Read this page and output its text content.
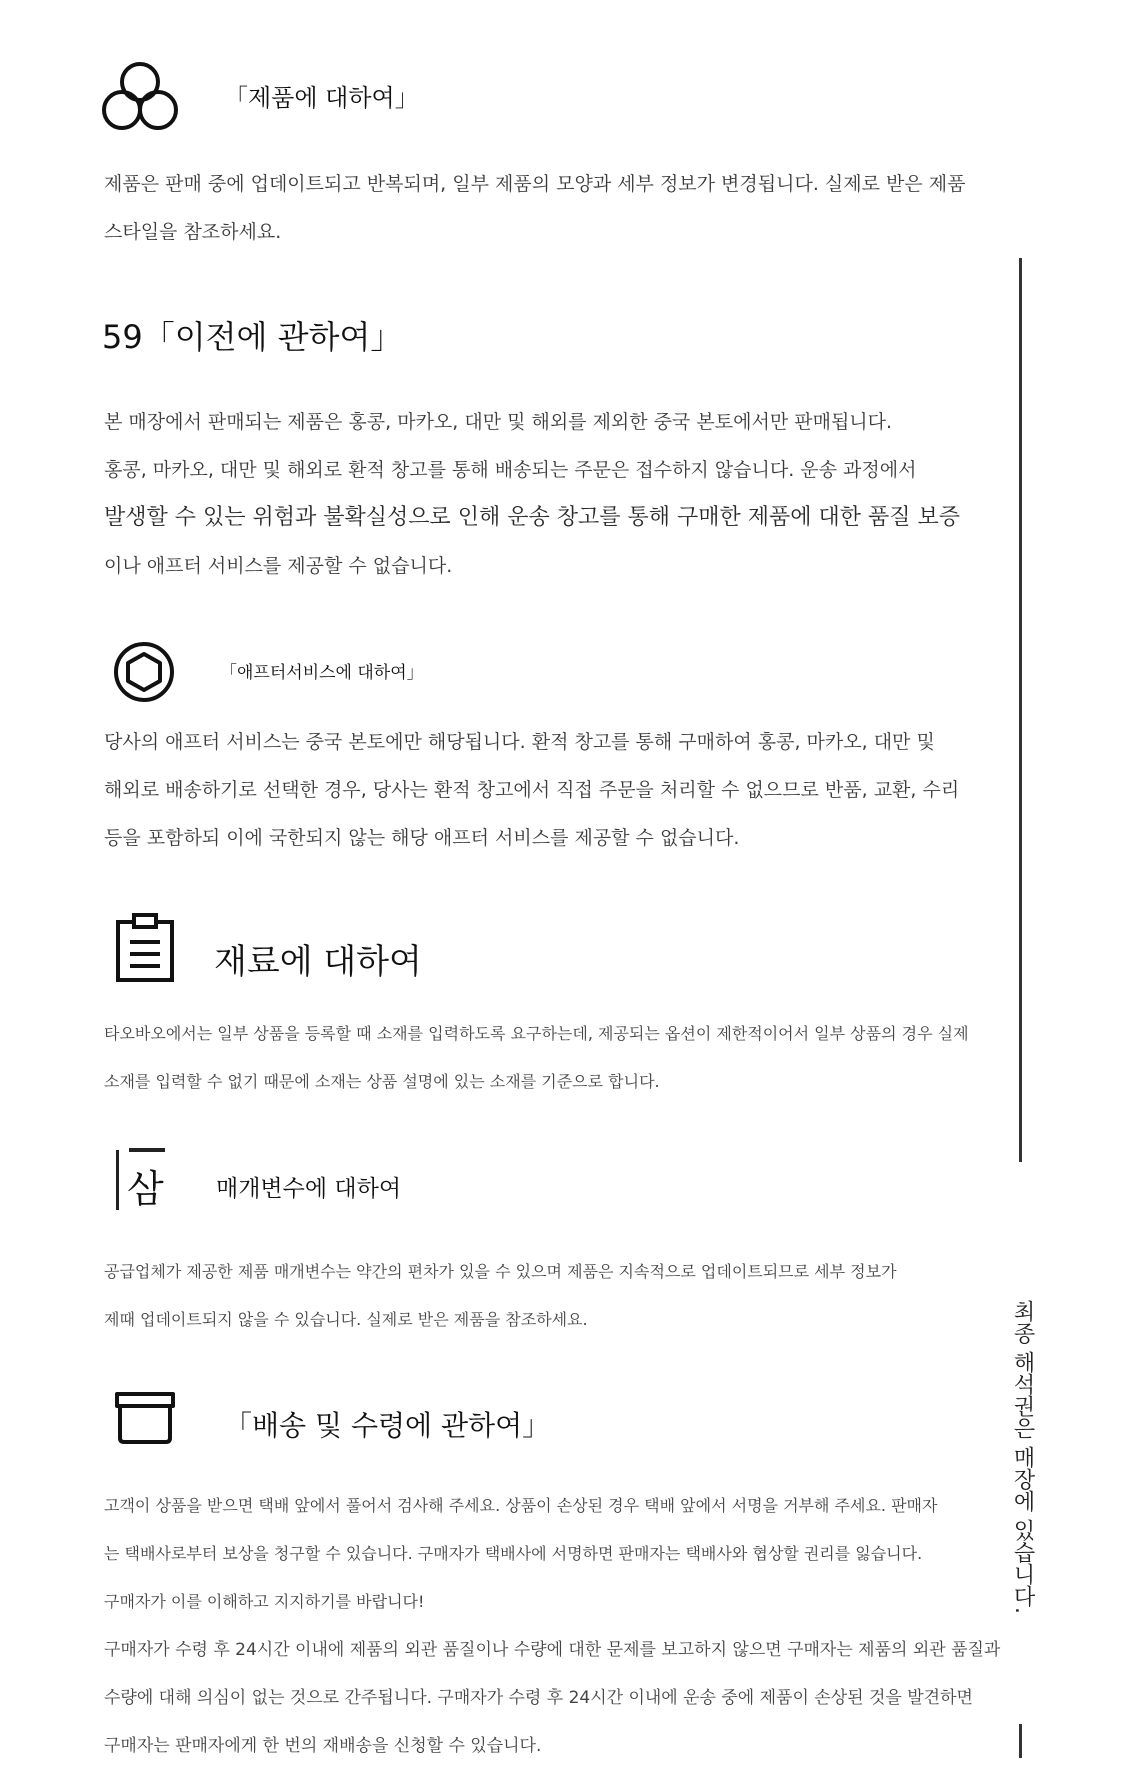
「제품에 대하여」
제품은 판매 중에 업데이트되고 반복되며, 일부 제품의 모양과 세부 정보가 변경됩니다. 실제로 받은 제품
스타일을 참조하세요.
59「이전에 관하여」
본 매장에서 판매되는 제품은 홍콩, 마카오, 대만 및 해외를 제외한 중국 본토에서만 판매됩니다.
홍콩, 마카오, 대만 및 해외로 환적 창고를 통해 배송되는 주문은 접수하지 않습니다. 운송 과정에서
발생할 수 있는 위험과 불확실성으로 인해 운송 창고를 통해 구매한 제품에 대한 품질 보증
이나 애프터 서비스를 제공할 수 없습니다.
「애프터서비스에 대하여」
당사의 애프터 서비스는 중국 본토에만 해당됩니다. 환적 창고를 통해 구매하여 홍콩, 마카오, 대만 및
해외로 배송하기로 선택한 경우, 당사는 환적 창고에서 직접 주문을 처리할 수 없으므로 반품, 교환, 수리
등을 포함하되 이에 국한되지 않는 해당 애프터 서비스를 제공할 수 없습니다.
재료에 대하여
타오바오에서는 일부 상품을 등록할 때 소재를 입력하도록 요구하는데, 제공되는 옵션이 제한적이어서 일부 상품의 경우 실제
소재를 입력할 수 없기 때문에 소재는 상품 설명에 있는 소재를 기준으로 합니다.
삼 매개변수에 대하여
공급업체가 제공한 제품 매개변수는 약간의 편차가 있을 수 있으며 제품은 지속적으로 업데이트되므로 세부 정보가
제때 업데이트되지 않을 수 있습니다. 실제로 받은 제품을 참조하세요.
「배송 및 수령에 관하여」
고객이 상품을 받으면 택배 앞에서 풀어서 검사해 주세요. 상품이 손상된 경우 택배 앞에서 서명을 거부해 주세요. 판매자
는 택배사로부터 보상을 청구할 수 있습니다. 구매자가 택배사에 서명하면 판매자는 택배사와 협상할 권리를 잃습니다.
구매자가 이를 이해하고 지지하기를 바랍니다!
구매자가 수령 후 24시간 이내에 제품의 외관 품질이나 수량에 대한 문제를 보고하지 않으면 구매자는 제품의 외관 품질과
수량에 대해 의심이 없는 것으로 간주됩니다. 구매자가 수령 후 24시간 이내에 운송 중에 제품이 손상된 것을 발견하면
구매자는 판매자에게 한 번의 재배송을 신청할 수 있습니다.
최종 해석권은 매장에 있습니다.
